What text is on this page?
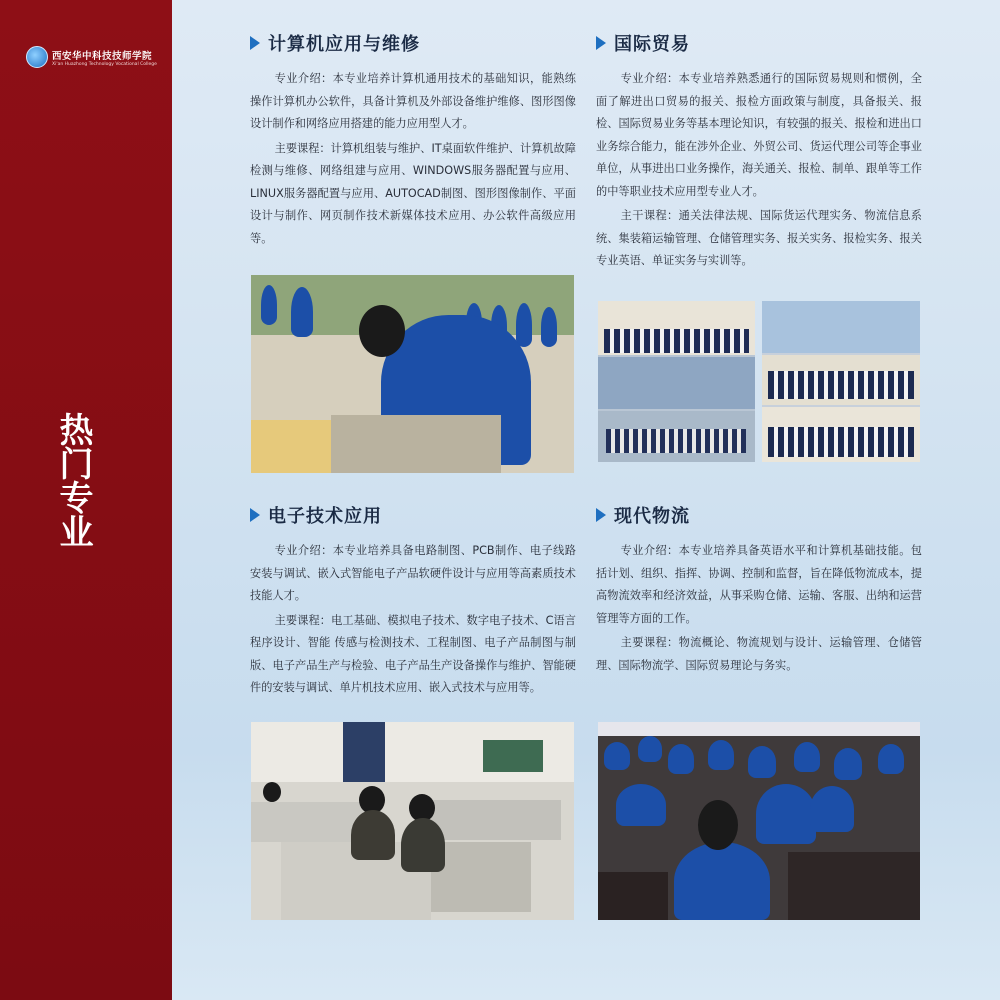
西安华中科技技师学院
Xi'an Huazhong Technology Vocational College
热门专业
计算机应用与维修

专业介绍：本专业培养计算机通用技术的基础知识，能熟练操作计算机办公软件，具备计算机及外部设备维护维修、图形图像设计制作和网络应用搭建的能力应用型人才。

主要课程：计算机组装与维护、IT桌面软件维护、计算机故障检测与维修、网络组建与应用、WINDOWS服务器配置与应用、LINUX服务器配置与应用、AUTOCAD制图、图形图像制作、平面设计与制作、网页制作技术新媒体技术应用、办公软件高级应用等。

国际贸易

专业介绍：本专业培养熟悉通行的国际贸易规则和惯例，全面了解进出口贸易的报关、报检方面政策与制度，具备报关、报检、国际贸易业务等基本理论知识，有较强的报关、报检和进出口业务综合能力，能在涉外企业、外贸公司、货运代理公司等企事业单位，从事进出口业务操作，海关通关、报检、制单、跟单等工作的中等职业技术应用型专业人才。

主干课程：通关法律法规、国际货运代理实务、物流信息系统、集装箱运输管理、仓储管理实务、报关实务、报检实务、报关专业英语、单证实务与实训等。

电子技术应用

专业介绍：本专业培养具备电路制图、PCB制作、电子线路安装与调试、嵌入式智能电子产品软硬件设计与应用等高素质技术技能人才。

主要课程：电工基础、模拟电子技术、数字电子技术、C语言程序设计、智能 传感与检测技术、工程制图、电子产品制图与制版、电子产品生产与检验、电子产品生产设备操作与维护、智能硬件的安装与调试、单片机技术应用、嵌入式技术与应用等。

现代物流

专业介绍：本专业培养具备英语水平和计算机基础技能。包括计划、组织、指挥、协调、控制和监督，旨在降低物流成本，提高物流效率和经济效益，从事采购仓储、运输、客服、出纳和运营管理等方面的工作。

主要课程：物流概论、物流规划与设计、运输管理、仓储管理、国际物流学、国际贸易理论与务实。
